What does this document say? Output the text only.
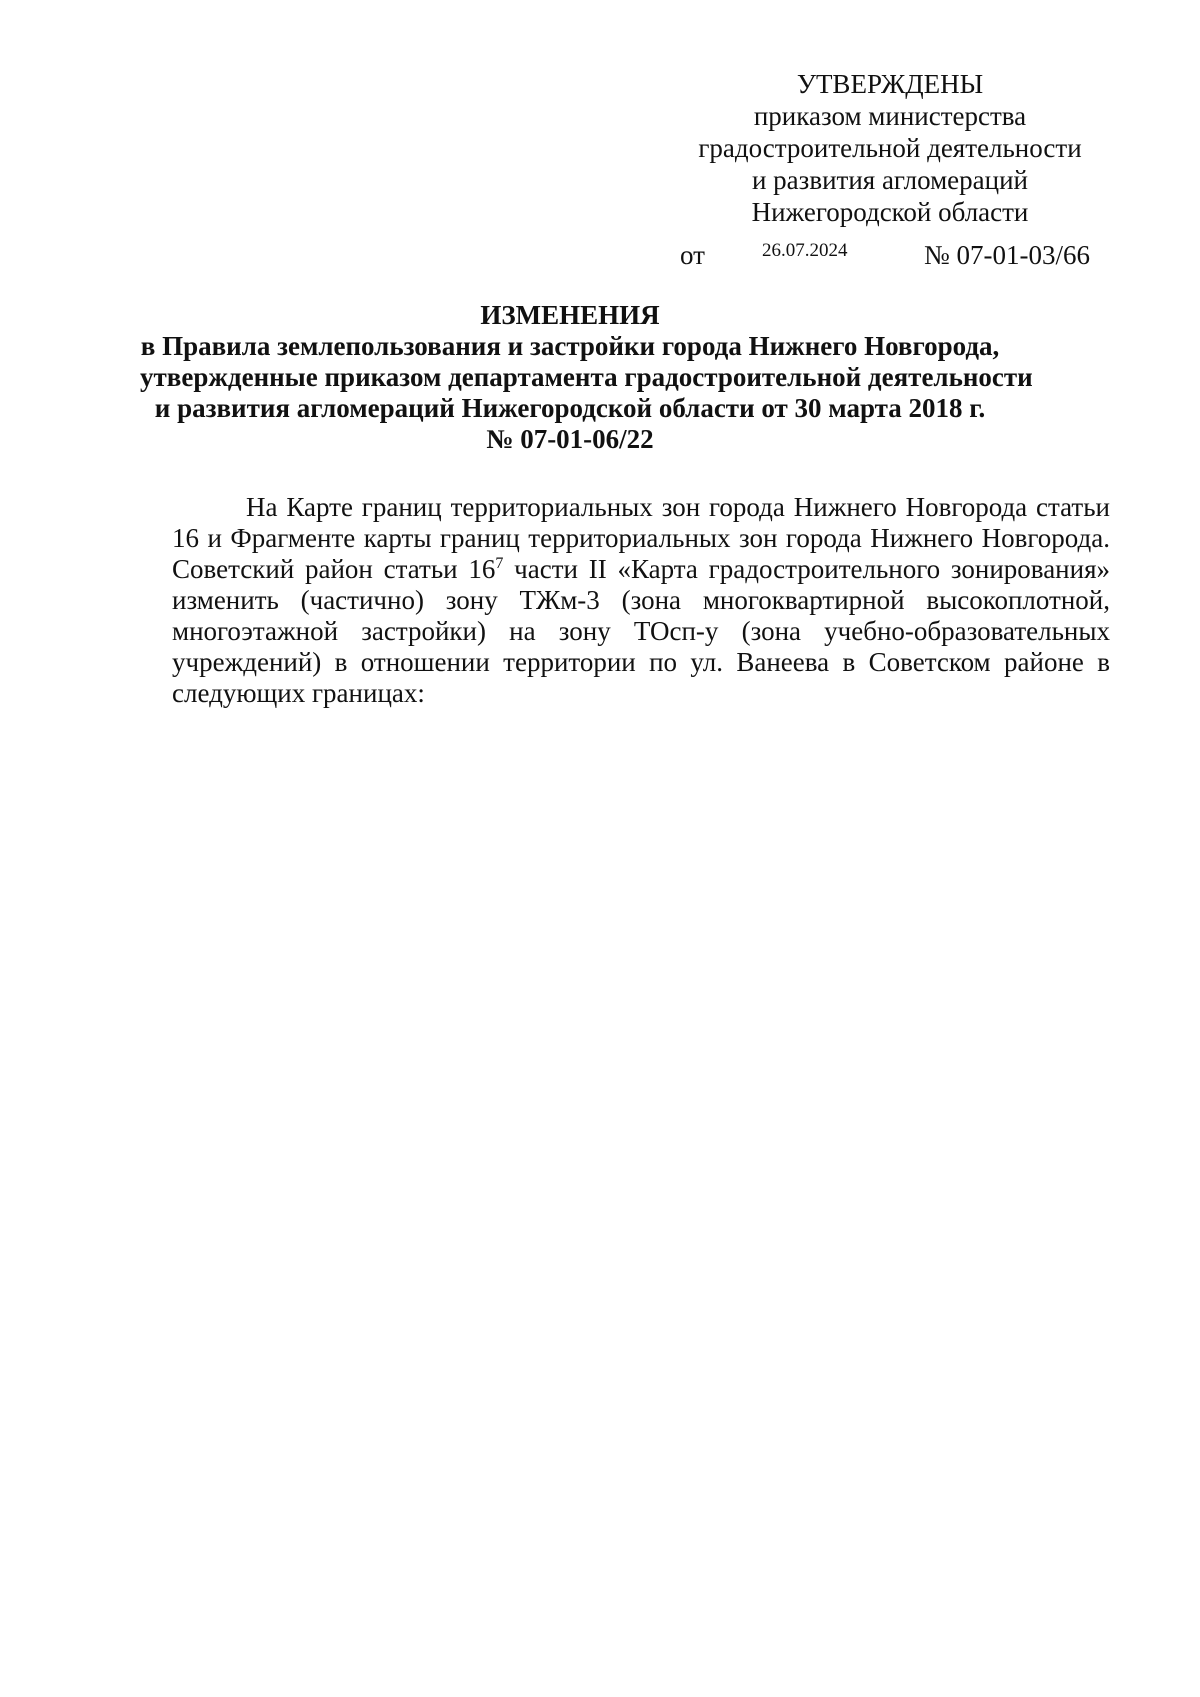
УТВЕРЖДЕНЫ
приказом министерства
градостроительной деятельности
и развития агломераций
Нижегородской области
от	26.07.2024	№ 07-01-03/66
ИЗМЕНЕНИЯ
в Правила землепользования и застройки города Нижнего Новгорода,
утвержденные приказом департамента градостроительной деятельности
и развития агломераций Нижегородской области от 30 марта 2018 г.
№ 07-01-06/22
На Карте границ территориальных зон города Нижнего Новгорода статьи 16 и Фрагменте карты границ территориальных зон города Нижнего Новгорода. Советский район статьи $16^7$ части II «Карта градостроительного зонирования» изменить (частично) зону ТЖм-3 (зона многоквартирной высокоплотной, многоэтажной застройки) на зону ТОсп-у (зона учебно-образовательных учреждений) в отношении территории по ул. Ванеева в Советском районе в следующих границах:
